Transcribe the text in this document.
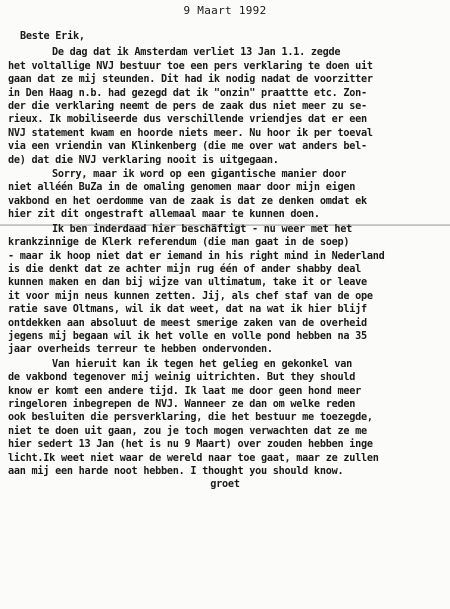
9 Maart 1992
Beste Erik,
De dag dat ik Amsterdam verliet 13 Jan 1.1. zegde
het voltallige NVJ bestuur toe een pers verklaring te doen uit
gaan dat ze mij steunden. Dit had ik nodig nadat de voorzitter
in Den Haag n.b. had gezegd dat ik "onzin" praattte etc. Zon-
der die verklaring neemt de pers de zaak dus niet meer zu se-
rieux. Ik mobiliseerde dus verschillende vriendjes dat er een
NVJ statement kwam en hoorde niets meer. Nu hoor ik per toeval
via een vriendin van Klinkenberg (die me over wat anders bel-
de) dat die NVJ verklaring nooit is uitgegaan.
Sorry, maar ik word op een gigantische manier door
niet alléén BuZa in de omaling genomen maar door mijn eigen
vakbond en het oerdomme van de zaak is dat ze denken omdat ek
hier zit dit ongestraft allemaal maar te kunnen doen.
Ik ben inderdaad hier beschäftigt - nu weer met het
krankzinnige de Klerk referendum (die man gaat in de soep)
- maar ik hoop niet dat er iemand in his right mind in Nederland
is die denkt dat ze achter mijn rug één of ander shabby deal
kunnen maken en dan bij wijze van ultimatum, take it or leave
it voor mijn neus kunnen zetten. Jij, als chef staf van de ope
ratie save Oltmans, wil ik dat weet, dat na wat ik hier blijf
ontdekken aan absoluut de meest smerige zaken van de overheid
jegens mij begaan wil ik het volle en volle pond hebben na 35
jaar overheids terreur te hebben ondervonden.
Van hieruit kan ik tegen het gelieg en gekonkel van
de vakbond tegenover mij weinig uitrichten. But they should
know er komt een andere tijd. Ik laat me door geen hond meer
ringeloren inbegrepen de NVJ. Wanneer ze dan om welke reden
ook besluiten die persverklaring, die het bestuur me toezegde,
niet te doen uit gaan, zou je toch mogen verwachten dat ze me
hier sedert 13 Jan (het is nu 9 Maart) over zouden hebben inge
licht.Ik weet niet waar de wereld naar toe gaat, maar ze zullen
aan mij een harde noot hebben. I thought you should know.
groet
